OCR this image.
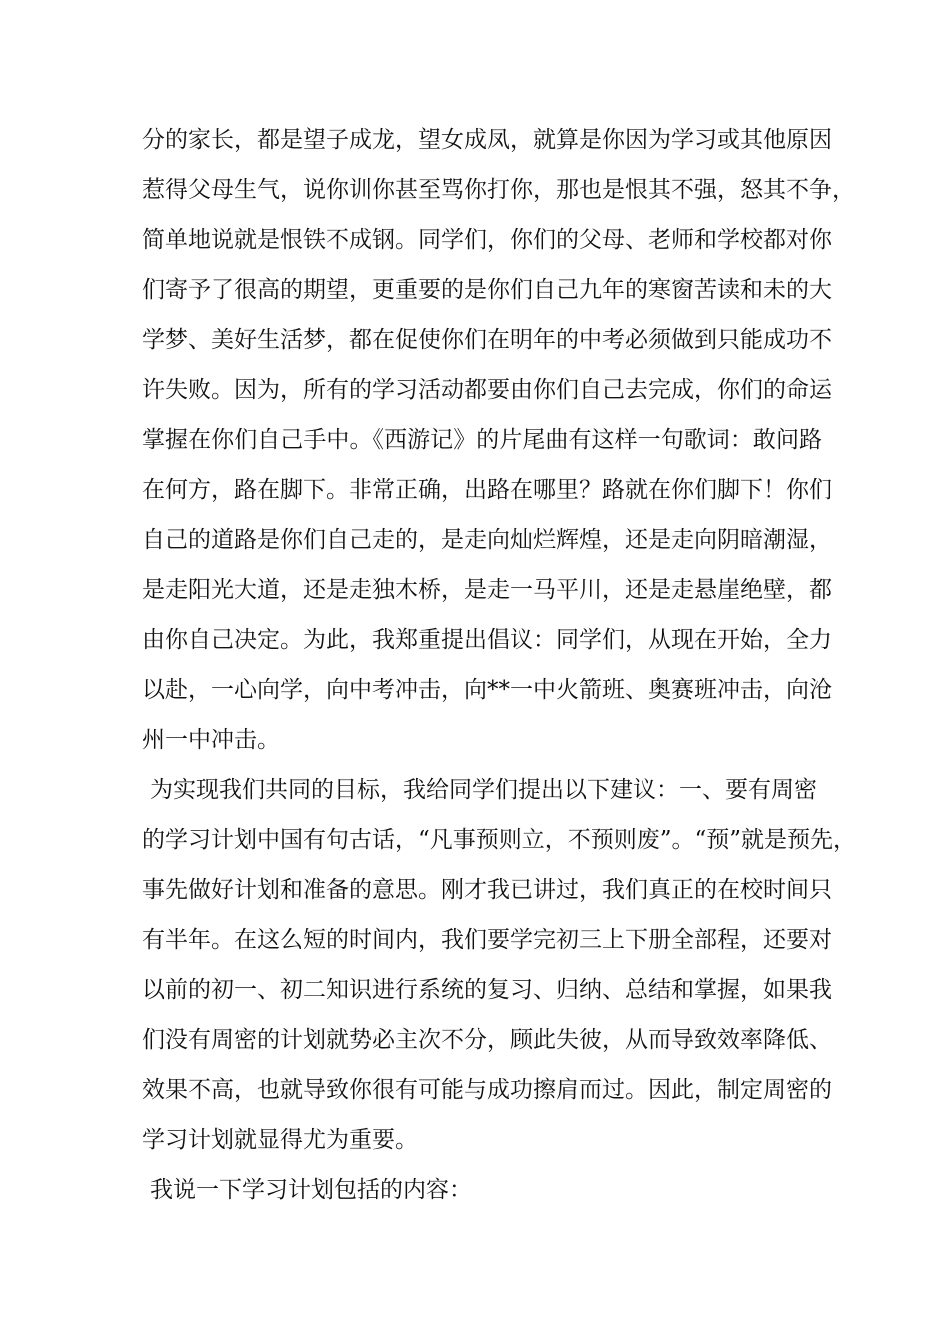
分的家长，都是望子成龙，望女成凤，就算是你因为学习或其他原因
惹得父母生气，说你训你甚至骂你打你，那也是恨其不强，怒其不争，
简单地说就是恨铁不成钢。同学们，你们的父母、老师和学校都对你
们寄予了很高的期望，更重要的是你们自己九年的寒窗苦读和未的大
学梦、美好生活梦，都在促使你们在明年的中考必须做到只能成功不
许失败。因为，所有的学习活动都要由你们自己去完成，你们的命运
掌握在你们自己手中。《西游记》的片尾曲有这样一句歌词：敢问路
在何方，路在脚下。非常正确，出路在哪里？路就在你们脚下！你们
自己的道路是你们自己走的，是走向灿烂辉煌，还是走向阴暗潮湿，
是走阳光大道，还是走独木桥，是走一马平川，还是走悬崖绝壁，都
由你自己决定。为此，我郑重提出倡议：同学们，从现在开始，全力
以赴，一心向学，向中考冲击，向**一中火箭班、奥赛班冲击，向沧
州一中冲击。
为实现我们共同的目标，我给同学们提出以下建议：一、要有周密
的学习计划中国有句古话，“凡事预则立，不预则废”。“预”就是预先，
事先做好计划和准备的意思。刚才我已讲过，我们真正的在校时间只
有半年。在这么短的时间内，我们要学完初三上下册全部程，还要对
以前的初一、初二知识进行系统的复习、归纳、总结和掌握，如果我
们没有周密的计划就势必主次不分，顾此失彼，从而导致效率降低、
效果不高，也就导致你很有可能与成功擦肩而过。因此，制定周密的
学习计划就显得尤为重要。
我说一下学习计划包括的内容：
